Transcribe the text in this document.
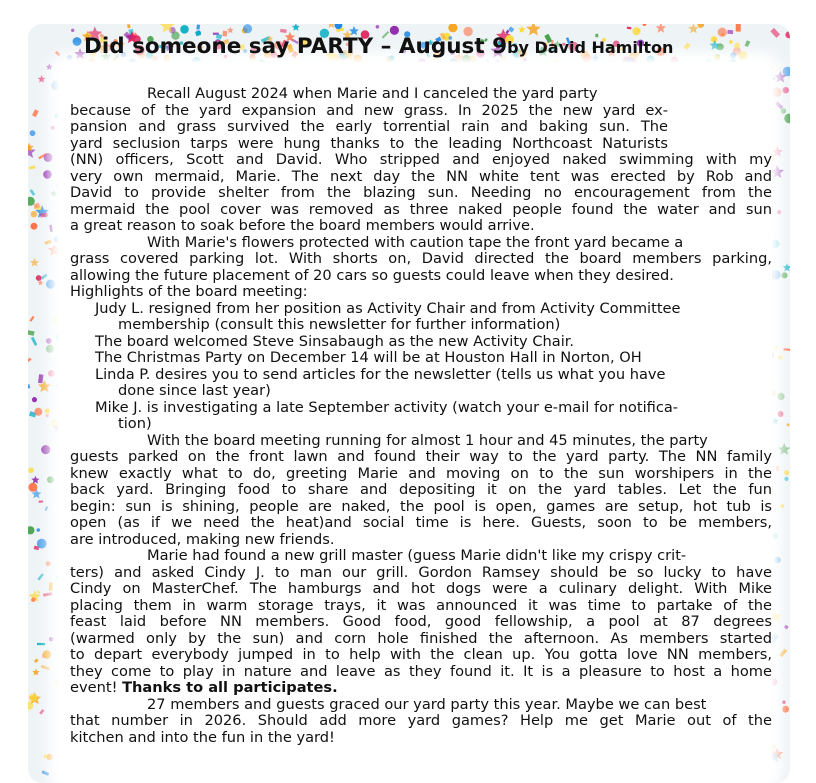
Did someone say PARTY – August 9by David Hamilton

Recall August 2024 when Marie and I canceled the yard party
because of the yard expansion and new grass. In 2025 the new yard ex-
pansion and grass survived the early torrential rain and baking sun. The
yard seclusion tarps were hung thanks to the leading Northcoast Naturists
(NN) officers, Scott and David. Who stripped and enjoyed naked swimming with my
very own mermaid, Marie. The next day the NN white tent was erected by Rob and
David to provide shelter from the blazing sun. Needing no encouragement from the
mermaid the pool cover was removed as three naked people found the water and sun
a great reason to soak before the board members would arrive.

With Marie's flowers protected with caution tape the front yard became a
grass covered parking lot. With shorts on, David directed the board members parking,
allowing the future placement of 20 cars so guests could leave when they desired.
Highlights of the board meeting:

Judy L. resigned from her position as Activity Chair and from Activity Committee
membership (consult this newsletter for further information)
The board welcomed Steve Sinsabaugh as the new Activity Chair.
The Christmas Party on December 14 will be at Houston Hall in Norton, OH
Linda P. desires you to send articles for the newsletter (tells us what you have
done since last year)
Mike J. is investigating a late September activity (watch your e-mail for notifica-
tion)

With the board meeting running for almost 1 hour and 45 minutes, the party
guests parked on the front lawn and found their way to the yard party. The NN family
knew exactly what to do, greeting Marie and moving on to the sun worshipers in the
back yard. Bringing food to share and depositing it on the yard tables. Let the fun
begin: sun is shining, people are naked, the pool is open, games are setup, hot tub is
open (as if we need the heat)and social time is here. Guests, soon to be members,
are introduced, making new friends.

Marie had found a new grill master (guess Marie didn't like my crispy crit-
ters) and asked Cindy J. to man our grill. Gordon Ramsey should be so lucky to have
Cindy on MasterChef. The hamburgs and hot dogs were a culinary delight. With Mike
placing them in warm storage trays, it was announced it was time to partake of the
feast laid before NN members. Good food, good fellowship, a pool at 87 degrees
(warmed only by the sun) and corn hole finished the afternoon. As members started
to depart everybody jumped in to help with the clean up. You gotta love NN members,
they come to play in nature and leave as they found it. It is a pleasure to host a home
event! Thanks to all participates.

27 members and guests graced our yard party this year. Maybe we can best
that number in 2026. Should add more yard games? Help me get Marie out of the
kitchen and into the fun in the yard!
